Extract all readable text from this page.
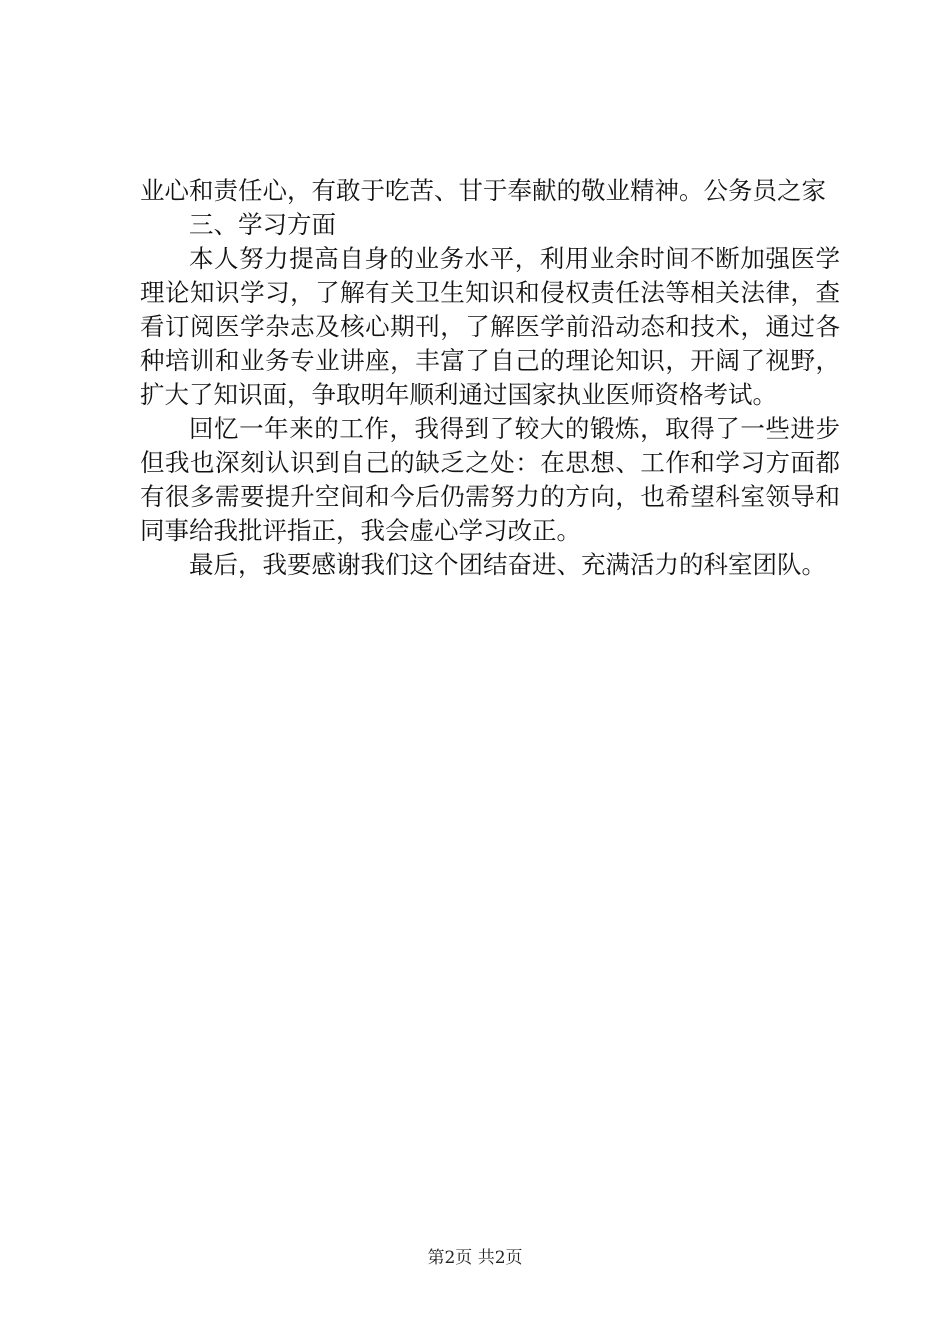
业心和责任心，有敢于吃苦、甘于奉献的敬业精神。公务员之家

三、学习方面

本人努力提高自身的业务水平，利用业余时间不断加强医学理论知识学习，了解有关卫生知识和侵权责任法等相关法律，查看订阅医学杂志及核心期刊，了解医学前沿动态和技术，通过各种培训和业务专业讲座，丰富了自己的理论知识，开阔了视野，扩大了知识面，争取明年顺利通过国家执业医师资格考试。

回忆一年来的工作，我得到了较大的锻炼，取得了一些进步但我也深刻认识到自己的缺乏之处：在思想、工作和学习方面都有很多需要提升空间和今后仍需努力的方向，也希望科室领导和同事给我批评指正，我会虚心学习改正。

最后，我要感谢我们这个团结奋进、充满活力的科室团队。

第2页 共2页
